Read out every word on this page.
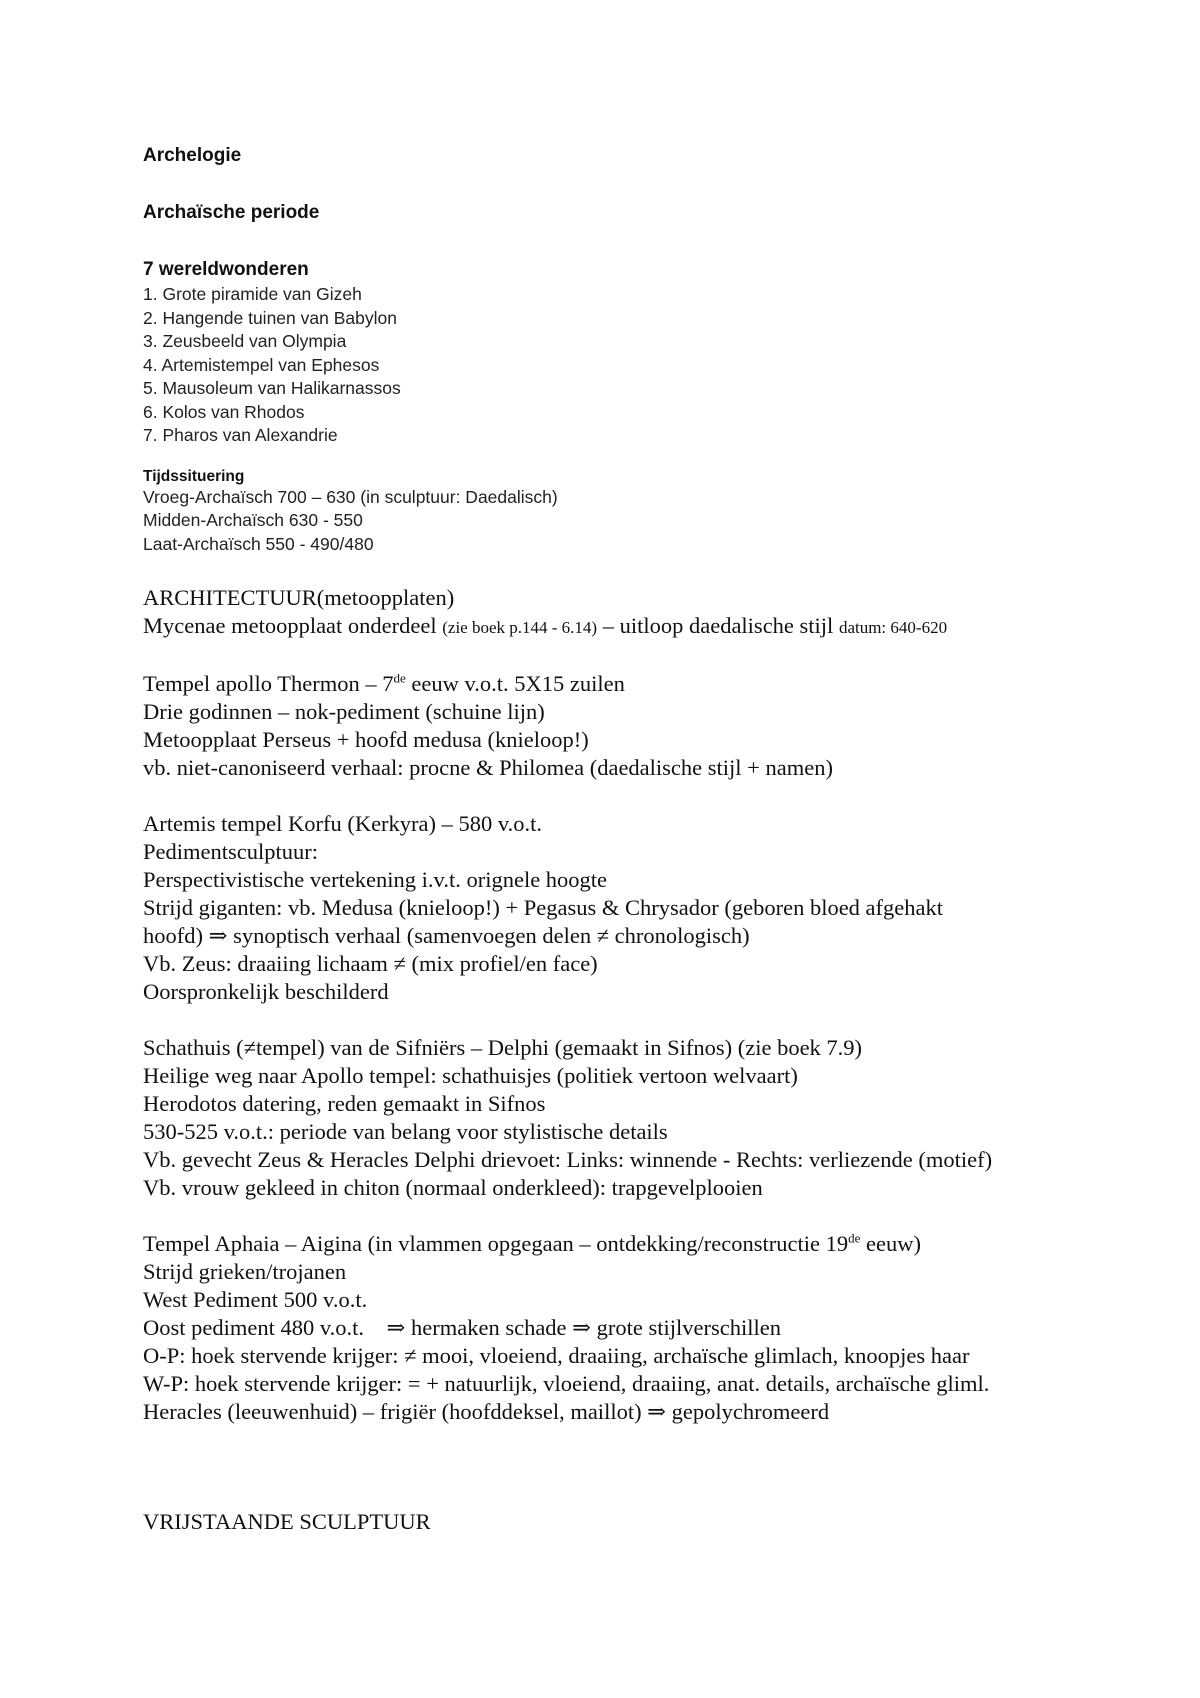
Archelogie
Archaïsche periode
7 wereldwonderen
1. Grote piramide van Gizeh
2. Hangende tuinen van Babylon
3. Zeusbeeld van Olympia
4. Artemistempel van Ephesos
5. Mausoleum van Halikarnassos
6. Kolos van Rhodos
7. Pharos van Alexandrie
Tijdssituering
Vroeg-Archaïsch 700 – 630 (in sculptuur: Daedalisch)
Midden-Archaïsch 630 - 550
Laat-Archaïsch 550 - 490/480
ARCHITECTUUR(metoopplaten)
Mycenae metoopplaat onderdeel (zie boek p.144 - 6.14) – uitloop daedalische stijl datum: 640-620
Tempel apollo Thermon – 7de eeuw v.o.t. 5X15 zuilen
Drie godinnen – nok-pediment (schuine lijn)
Metoopplaat Perseus + hoofd medusa (knieloop!)
vb. niet-canoniseerd verhaal: procne & Philomea (daedalische stijl + namen)
Artemis tempel Korfu (Kerkyra) – 580 v.o.t.
Pedimentsculptuur:
Perspectivistische vertekening i.v.t. orignele hoogte
Strijd giganten: vb. Medusa (knieloop!) + Pegasus & Chrysador (geboren bloed afgehakt
hoofd) ⇒ synoptisch verhaal (samenvoegen delen ≠ chronologisch)
Vb. Zeus: draaiing lichaam ≠ (mix profiel/en face)
Oorspronkelijk beschilderd
Schathuis (≠tempel) van de Sifniërs – Delphi (gemaakt in Sifnos) (zie boek 7.9)
Heilige weg naar Apollo tempel: schathuisjes (politiek vertoon welvaart)
Herodotos datering, reden gemaakt in Sifnos
530-525 v.o.t.: periode van belang voor stylistische details
Vb. gevecht Zeus & Heracles Delphi drievoet: Links: winnende - Rechts: verliezende (motief)
Vb. vrouw gekleed in chiton (normaal onderkleed): trapgevelplooien
Tempel Aphaia – Aigina (in vlammen opgegaan – ontdekking/reconstructie 19de eeuw)
Strijd grieken/trojanen
West Pediment 500 v.o.t.
Oost pediment 480 v.o.t.    ⇒ hermaken schade ⇒ grote stijlverschillen
O-P: hoek stervende krijger: ≠ mooi, vloeiend, draaiing, archaïsche glimlach, knoopjes haar
W-P: hoek stervende krijger: = + natuurlijk, vloeiend, draaiing, anat. details, archaïsche gliml.
Heracles (leeuwenhuid) – frigiër (hoofddeksel, maillot) ⇒ gepolychromeerd
VRIJSTAANDE SCULPTUUR
